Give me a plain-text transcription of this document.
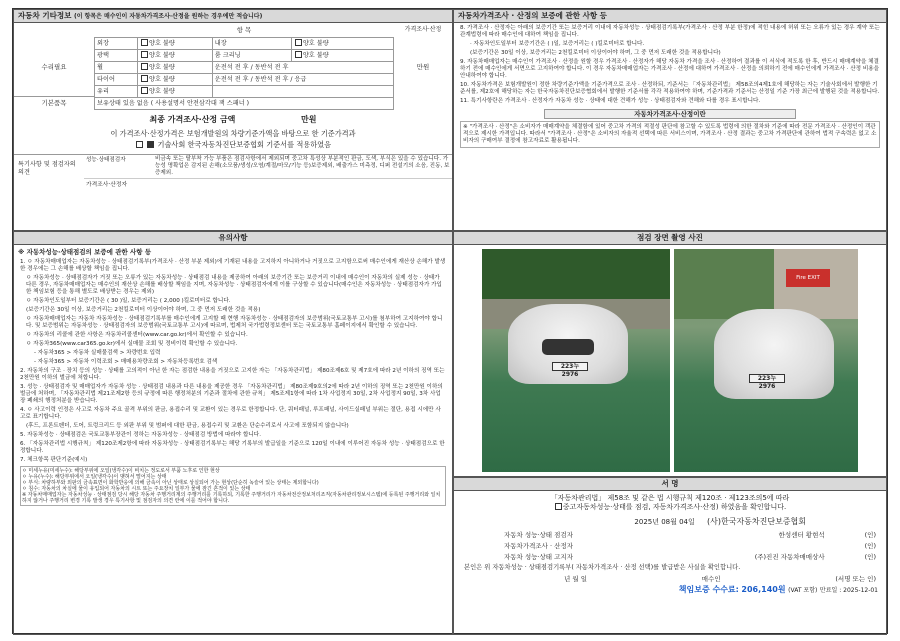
자동차 기타정보 (이 항목은 매수인이 자동차가격조사·산정을 원하는 경우에만 적습니다)
수리필요
기본품목
항 목
외장	양호 불량	내장	양호 불량
광택	양호 불량	룸 크리닝	양호 불량
휠	양호 불량	운전석 전 후 / 동반석 전 후	
타이어	양호 불량	운전석 전 후 / 동반석 전 후 / 응급	
유리	양호 불량		
보유상태 있음 없음 ( 사용설명서 안전삼각대 잭 스패너 )			
가격조사·산정
만원
최종 가격조사·산정 금액	만원
이 가격조사·산정가격은 보험개발원의 차량기준가액을 바탕으로 한 기준가격과
기술사회 한국자동차진단보증협회 기준서를 적용하였음
특기사항 및 점검자의 의견
성능·상태점검자	비금속 또는 탈부착 가능 부품은 점검사항에서 제외되며 중고차 특성상 부분적인 판금, 도색, 부식은 있을 수 있습니다. 가능성 명확업은 감지된 손해(소모품/생성/오염/계절/마모/기능 등)보증제외, 배출가스 미측정, 디퍼 전설기의 소음, 진동, 보증제외.
가격조사·산정자
자동차가격조사 · 산정의 보증에 관한 사항 등
8. 가격조사 · 산정자는 아래의 보증기간 또는 보증거리 이내에 자동차성능 · 상태점검기록부(가격조사 · 산정 부분 한정)에 적힌 내용에 허위 또는 오류가 있는 경우 계약 또는 관계법령에 따라 매수인에 대하여 책임을 집니다.
· 자동차인도일부터 보증기간은 ( )일, 보증거리는 ( )킬로미터로 합니다.
(보증기간은 30일 이상, 보증거리는 2천킬로미터 이상이어야 하며, 그 중 먼저 도래한 것을 적용합니다)
9. 자동차매매업자는 매수인이 가격조사 · 산정을 원할 경우 가격조사 · 산정자가 해당 자동차 가격을 조사 · 산정하여 결과를 이 서식에 적도록 한 후, 반드시 매매계약을 체결하기 전에 매수인에게 서면으로 고지하여야 합니다. 이 경우 자동차매매업자는 가격조사 · 산정에 대하여 가격조사 · 산정을 의뢰하기 전에 매수인에게 가격조사 · 산정 비용을 안내하여야 합니다.
10. 자동차가격은 보험개발원이 정한 차량기준가액을 기준가격으로 조사 · 산정하되, 기준서는 「자동차관리법」 제58조의4제1호에 해당하는 자는 기술사회에서 발행한 기준서를, 제2호에 해당하는 자는 한국자동차진단보증협회에서 발행한 기준서를 각각 적용하여야 하며, 기준가격과 기준서는 산정일 기준 가장 최근에 발행된 것을 적용합니다.
11. 특기사항란은 가격조사 · 산정자가 자동차 성능 · 상태에 대한 견해가 성능 · 상태점검자와 견해와 다를 경우 표시합니다.
자동차가격조사·산정이란
※ "가격조사 · 산정"은 소비자가 매매계약을 체결함에 있어 중고차 가격의 적절성 판단에 참고할 수 있도록 법령에 의한 절차와 기준에 따라 전문 가격조사 · 산정인이 객관적으로 제시한 가격입니다. 따라서 "가격조사 · 산정"은 소비자의 자율적 선택에 따른 서비스이며, 가격조사 · 산정 결과는 중고차 가격판단에 관하여 법적 구속력은 없고 소비자의 구매여부 결정에 참고자료로 활용됩니다.
유의사항
※ 자동차성능·상태점검의 보증에 관한 사항 등
1. ㅇ 자동차매매업자는 자동차성능 · 상태점검기록부(가격조사 · 산정 부분 제외)에 기재된 내용을 고지하지 아니하거나 거짓으로 고지함으로써 매수인에게 재산상 손해가 발생한 경우에는 그 손해를 배상할 책임을 집니다.
ㅇ 자동차성능 · 상태점검자가 거짓 또는 오류가 있는 자동차성능 · 상태점검 내용을 제공하여 아래의 보증기간 또는 보증거리 이내에 매수인이 자동차의 실제 성능 · 상태가 다른 경우, 자동차매매업자는 매수인의 재산상 손해를 배상할 책임을 지며, 자동차성능 · 상태점검자에게 이를 구상할 수 있습니다(매수인은 자동차성능 · 상태점검자가 가입한 책임보험 등을 통해 별도로 배상받는 경우는 제외)
ㅇ 자동차인도일부터 보증기간은 ( 30 )일, 보증거리는 ( 2,000 )킬로미터로 합니다.
(보증기간은 30일 이상, 보증거리는 2천킬로미터 이상이어야 하며, 그 중 먼저 도래한 것을 적용)
ㅇ 자동차매매업자는 자동차 자동차성능 · 상태점검기록부를 매수인에게 고지할 때 현행 자동차성능 · 상태점검자의 보증범위(국토교통부 고시)를 첨부하여 고지하여야 합니다. 및 보증범위는 자동차성능 · 상태점검자의 보증범위(국토교통부 고시)에 따르며, 법제처 국가법령정보센터 또는 국토교통부 홈페이지에서 확인할 수 있습니다.
ㅇ 자동차의 리콜에 관한 사항은 자동차리콜센터(www.car.go.kr)에서 확인할 수 있습니다.
ㅇ 자동차365(www.car365.go.kr)에서 실매물 조회 및 정비이력 확인할 수 있습니다.
- 자동차365 > 자동차 실매물검색 > 차량번호 입력
- 자동차365 > 자동차 이력조회 > 매매용차량조회 > 자동차등록번호 검색
2. 자동차의 구조 · 장치 등의 성능 · 상태를 고의적이 아닌 한 자는 점검한 내용을 거짓으로 고지한 자는 「자동차관리법」 제80조제6호 및 제7호에 따라 2년 이하의 징역 또는 2천만원 이하의 벌금에 처합니다.
3. 성능 · 상태점검자 및 매매업자가 자동차 성능 · 상태점검 내용과 다른 내용을 제공한 경우 「자동차관리법」 제80조제9호의2에 따라 2년 이하의 징역 또는 2천만원 이하의 벌금에 처하며, 「자동차관리법 제21조제2항 등의 규정에 따른 행정처분의 기준과 절차에 관한 규칙」 제5조제1항에 따라 1차 사업정지 30일, 2차 사업정지 90일, 3차 사업장 폐쇄의 행정처분을 받습니다.
4. ㅇ 사고이력 인정은 사고로 자동차 주요 골격 부위의 판금, 용접수리 및 교환이 있는 경우로 한정합니다. 단, 쿼터패널, 루프패널, 사이드실패널 부위는 절단, 용접 시에만 사고로 표기합니다.
(후드, 프론트펜더, 도어, 트렁크리드 등 외판 부위 및 범퍼에 대한 판금, 용접수리 및 교환은 단순수리로서 사고에 포함되지 않습니다)
5. 자동차성능 · 상태점검은 국토교통부장관이 정하는 자동차성능 · 상태점검 방법에 따라야 합니다.
6. 「자동차관리법 시행규칙」 제120조제2항에 따라 자동차성능 · 상태점검기록부는 해당 기록부의 발급일을 기준으로 120일 이내에 이루어진 자동차 성능 · 상태점검으로 한정합니다.
7. 체크항목 판단기준(예시)
ㅇ 미세누유(미세누수): 해당부위에 오일(냉각수)이 비치는 정도로서 부품 노후로 인한 현상
ㅇ 누유(누수): 해당부위에서 오일(냉각수)이 맺혀서 떨어지는 상태
ㅇ 부식: 차량하부와 외판의 금속표면이 화학반응에 의해 금속이 아닌 상태로 상실되어 가는 현상(단순히 녹슬어 있는 상태는 제외합니다)
ㅇ 침수: 자동차의 차실에 물이 유입되어 자동차의 시트 또는 주요장치 일부가 물에 잠긴 흔적이 있는 상태
※ 자동차매매업자는 자동차성능 · 상태점검 당시 해당 자동차 주행거리계의 주행거리를 기록하되, 기록한 주행거리가 자동차전산정보처리조직(자동차관리정보시스템)에 등록된 주행거리와 일치하지 않거나 주행거리 변경 기록 발생 경우 특기사항 및 점검자의 의견 란에 이를 적어야 합니다.
점검 장면 촬영 사진
223누2976
Fire EXIT
223누2976
서 명
「자동차관리법」 제58조 및 같은 법 시행규칙 제120조 · 제123조의5에 따라
중고자동차성능·상태를 점검, 자동차가격조사·산정) 하였음을 확인합니다.
2025년 08월 04일 (사)한국자동차진단보증협회
자동차 성능·상태 점검자	한성센터 황현석	(인)
자동차가격조사 · 산정자	(인)
자동차 성능·상태 고지자	(주)진진 자동차매매상사	(인)
본인은 위 자동차성능 · 상태점검기록부( 자동차가격조사 · 산정 선택)를 발급받은 사실을 확인합니다.
년 월 일	매수인	(서명 또는 인)
책임보증 수수료: 206,140원 (VAT 포함) 만료일 : 2025-12-01
